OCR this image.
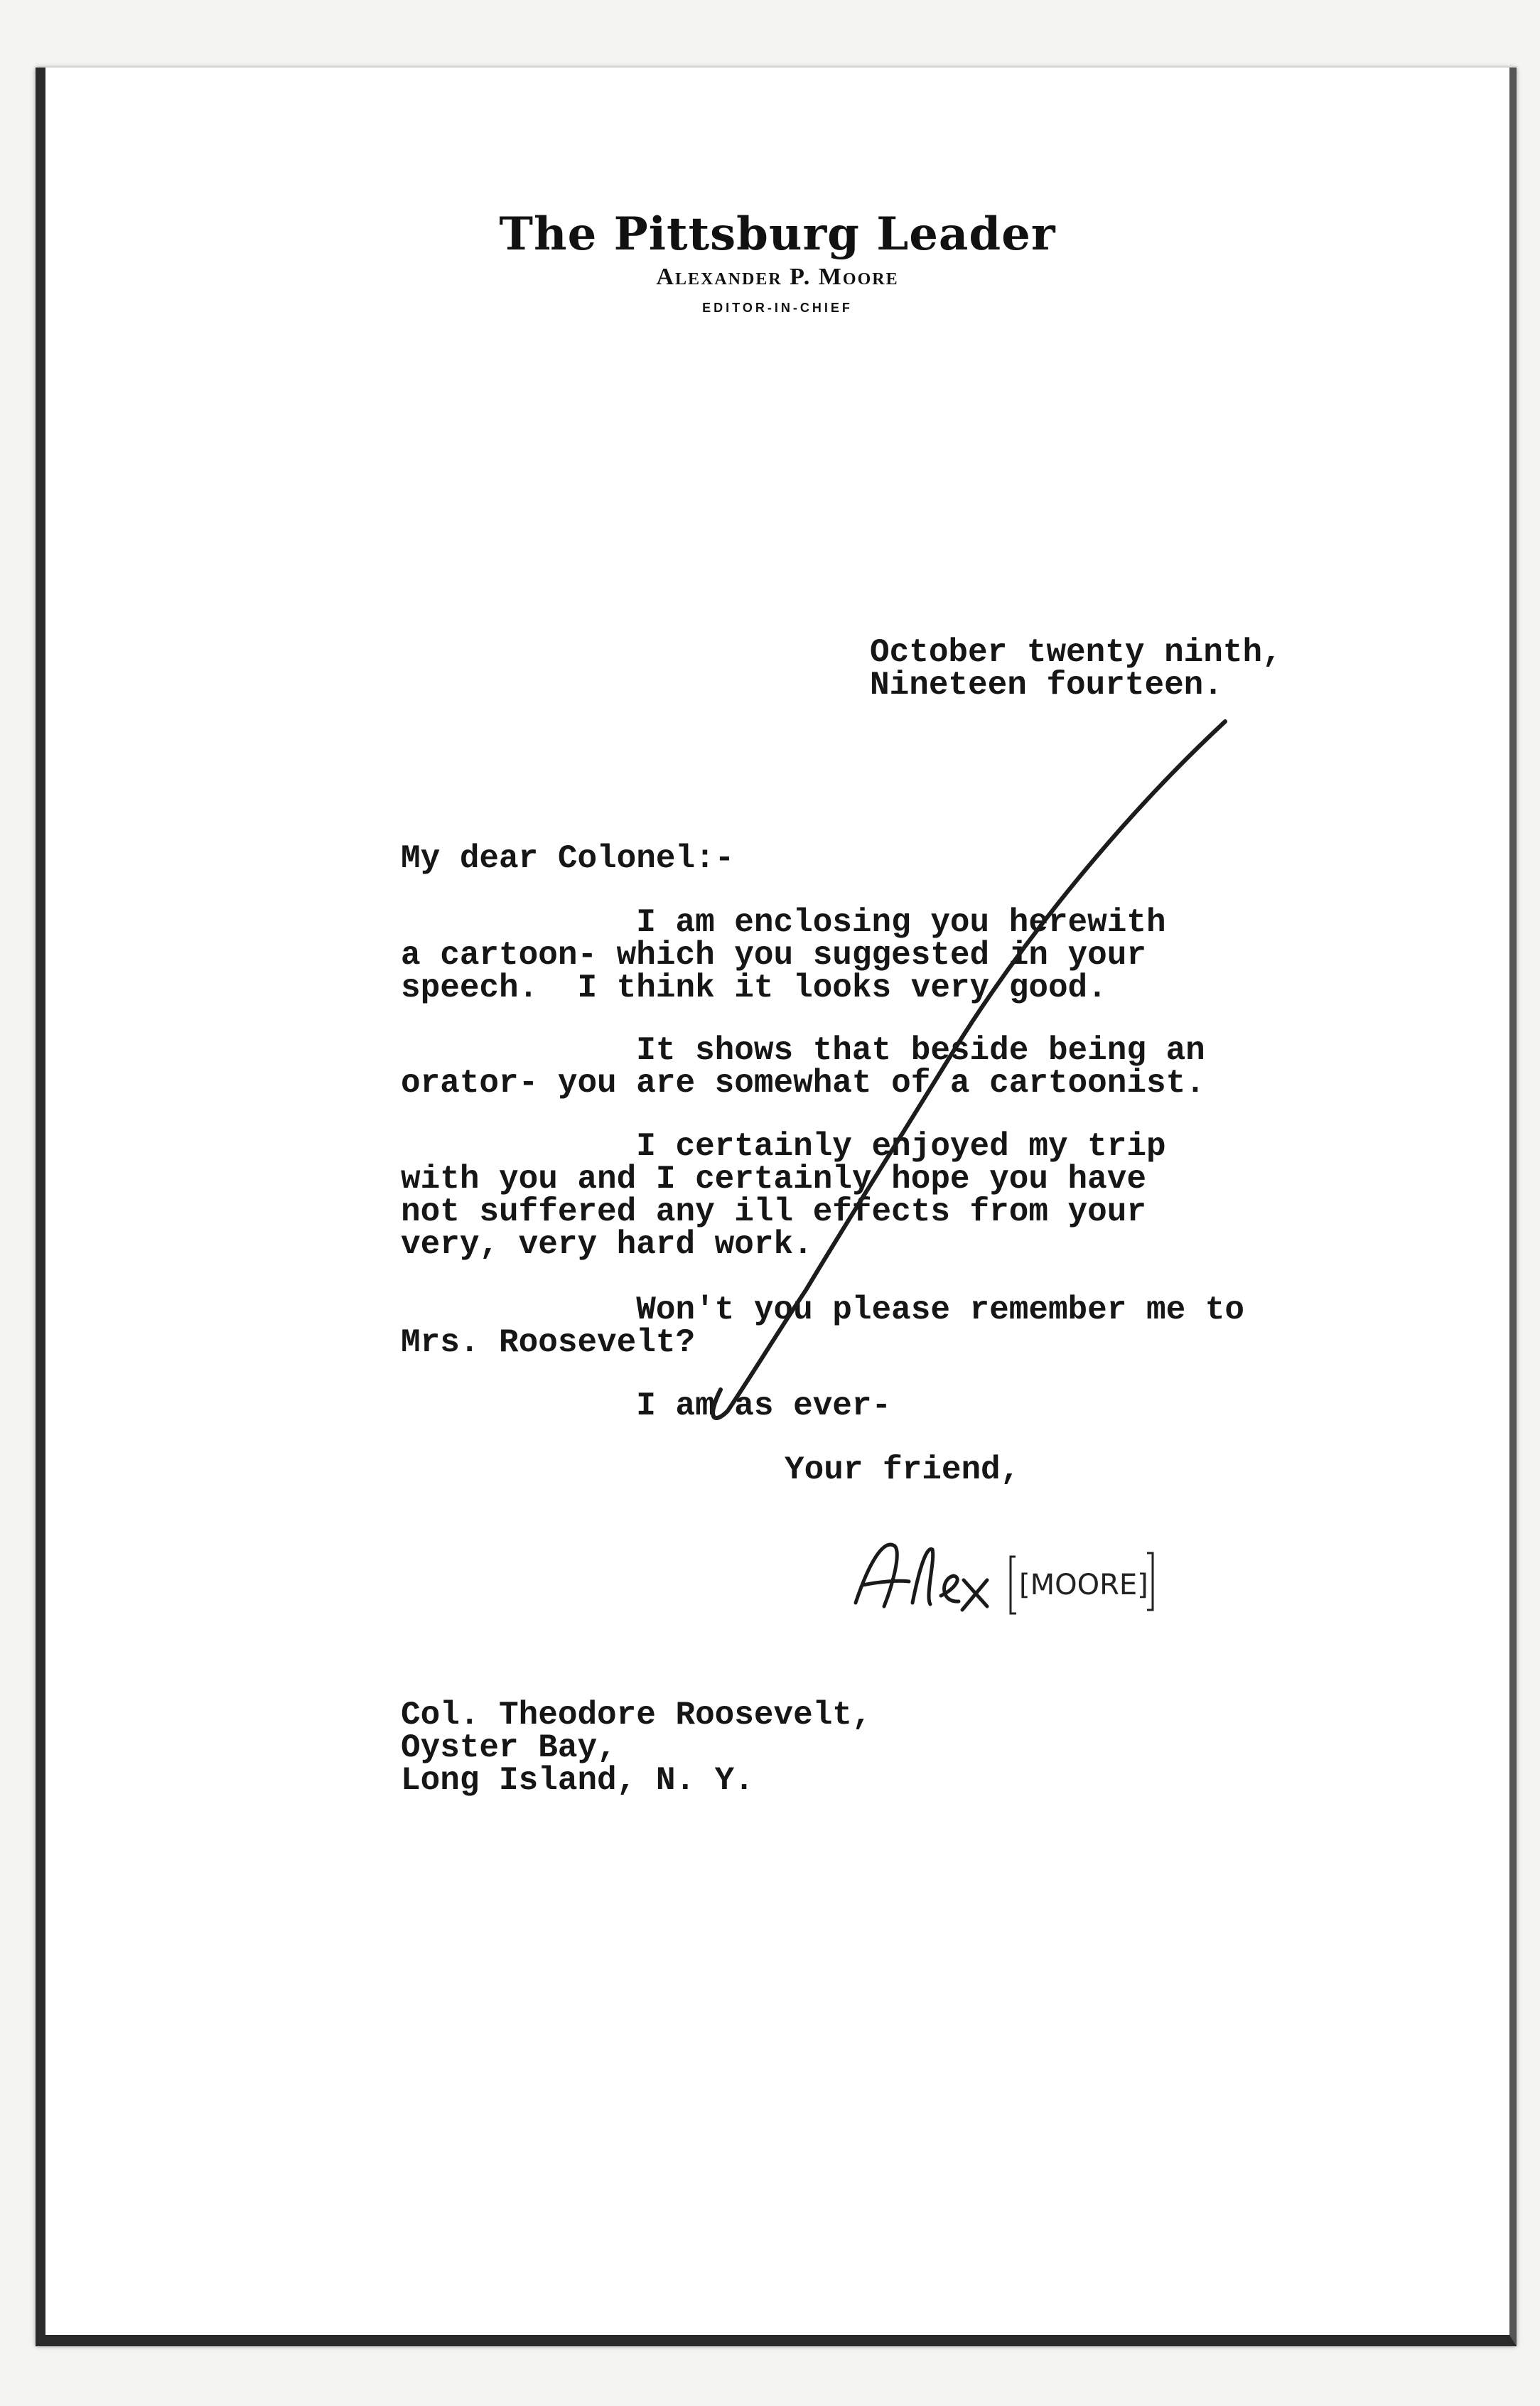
The Pittsburg Leader
Alexander P. Moore
EDITOR-IN-CHIEF
October twenty ninth,
Nineteen fourteen.
My dear Colonel:-
I am enclosing you herewith
a cartoon- which you suggested in your
speech.  I think it looks very good.
It shows that beside being an
orator- you are somewhat of a cartoonist.
I certainly enjoyed my trip
with you and I certainly hope you have
not suffered any ill effects from your
very, very hard work.
Won't you please remember me to
Mrs. Roosevelt?
I am as ever-
Your friend,
[MOORE]
Col. Theodore Roosevelt,
Oyster Bay,
Long Island, N. Y.
